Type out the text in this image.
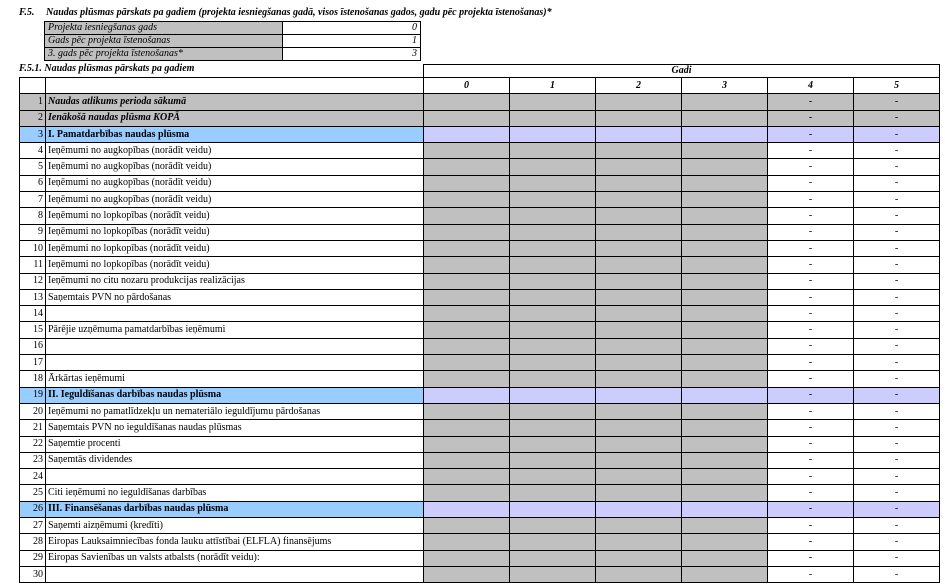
F.5. Naudas plūsmas pārskats pa gadiem (projekta iesniegšanas gadā, visos īstenošanas gados, gadu pēc projekta īstenošanas)*
Projekta iesniegšanas gads	0
Gads pēc projekta īstenošanas	1
3. gads pēc projekta īstenošanas*	3
F.5.1. Naudas plūsmas pārskats pa gadiem
			Gadi					
		0	1	2	3	4	5
1	Naudas atlikums perioda sākumā					-	-
2	Ienākošā naudas plūsma KOPĀ					-	-
3	I. Pamatdarbības naudas plūsma					-	-
4	Ieņēmumi no augkopības (norādīt veidu)					-	-
5	Ieņēmumi no augkopības (norādīt veidu)					-	-
6	Ieņēmumi no augkopības (norādīt veidu)					-	-
7	Ieņēmumi no augkopības (norādīt veidu)					-	-
8	Ieņēmumi no lopkopības (norādīt veidu)					-	-
9	Ieņēmumi no lopkopības (norādīt veidu)					-	-
10	Ieņēmumi no lopkopības (norādīt veidu)					-	-
11	Ieņēmumi no lopkopības (norādīt veidu)					-	-
12	Ieņēmumi no citu nozaru produkcijas realizācijas					-	-
13	Saņemtais PVN no pārdošanas					-	-
14						-	-
15	Pārējie uzņēmuma pamatdarbības ieņēmumi					-	-
16						-	-
17						-	-
18	Ārkārtas ieņēmumi					-	-
19	II. Ieguldīšanas darbības naudas plūsma					-	-
20	Ieņēmumi no pamatlīdzekļu un nemateriālo ieguldījumu pārdošanas					-	-
21	Saņemtais PVN no ieguldīšanas naudas plūsmas					-	-
22	Saņemtie procenti					-	-
23	Saņemtās dividendes					-	-
24						-	-
25	Citi ieņēmumi no ieguldīšanas darbības					-	-
26	III. Finansēšanas darbības naudas plūsma					-	-
27	Saņemti aizņēmumi (kredīti)					-	-
28	Eiropas Lauksaimniecības fonda lauku attīstībai (ELFLA) finansējums					-	-
29	Eiropas Savienības un valsts atbalsts (norādīt veidu):					-	-
30						-	-
